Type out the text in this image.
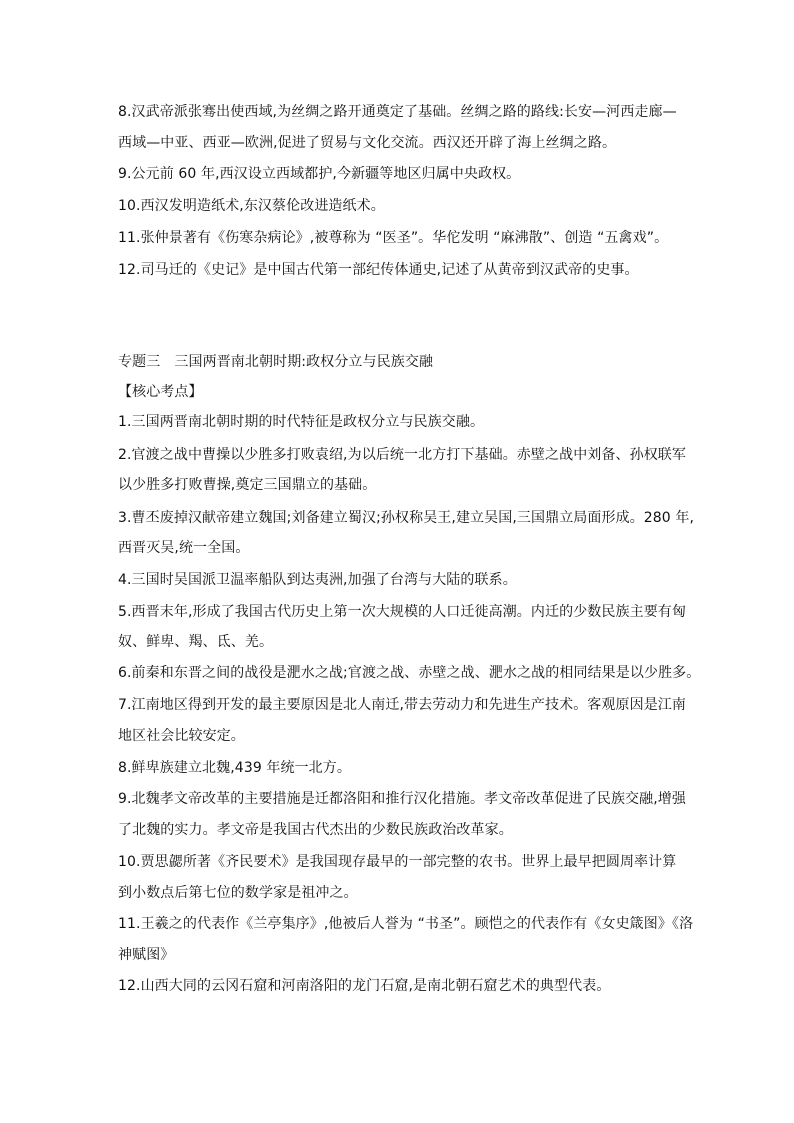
8.汉武帝派张骞出使西域,为丝绸之路开通奠定了基础。丝绸之路的路线:长安—河西走廊—
西域—中亚、西亚—欧洲,促进了贸易与文化交流。西汉还开辟了海上丝绸之路。
9.公元前 60 年,西汉设立西域都护,今新疆等地区归属中央政权。
10.西汉发明造纸术,东汉蔡伦改进造纸术。
11.张仲景著有《伤寒杂病论》,被尊称为 “医圣”。华佗发明 “麻沸散”、创造 “五禽戏”。
12.司马迁的《史记》是中国古代第一部纪传体通史,记述了从黄帝到汉武帝的史事。
专题三　三国两晋南北朝时期:政权分立与民族交融
【核心考点】
1.三国两晋南北朝时期的时代特征是政权分立与民族交融。
2.官渡之战中曹操以少胜多打败袁绍,为以后统一北方打下基础。赤壁之战中刘备、孙权联军
以少胜多打败曹操,奠定三国鼎立的基础。
3.曹丕废掉汉献帝建立魏国;刘备建立蜀汉;孙权称吴王,建立吴国,三国鼎立局面形成。280 年,
西晋灭吴,统一全国。
4.三国时吴国派卫温率船队到达夷洲,加强了台湾与大陆的联系。
5.西晋末年,形成了我国古代历史上第一次大规模的人口迁徙高潮。内迁的少数民族主要有匈
奴、鲜卑、羯、氐、羌。
6.前秦和东晋之间的战役是淝水之战;官渡之战、赤壁之战、淝水之战的相同结果是以少胜多。
7.江南地区得到开发的最主要原因是北人南迁,带去劳动力和先进生产技术。客观原因是江南
地区社会比较安定。
8.鲜卑族建立北魏,439 年统一北方。
9.北魏孝文帝改革的主要措施是迁都洛阳和推行汉化措施。孝文帝改革促进了民族交融,增强
了北魏的实力。孝文帝是我国古代杰出的少数民族政治改革家。
10.贾思勰所著《齐民要术》是我国现存最早的一部完整的农书。世界上最早把圆周率计算
到小数点后第七位的数学家是祖冲之。
11.王羲之的代表作《兰亭集序》,他被后人誉为 “书圣”。顾恺之的代表作有《女史箴图》《洛
神赋图》
12.山西大同的云冈石窟和河南洛阳的龙门石窟,是南北朝石窟艺术的典型代表。
